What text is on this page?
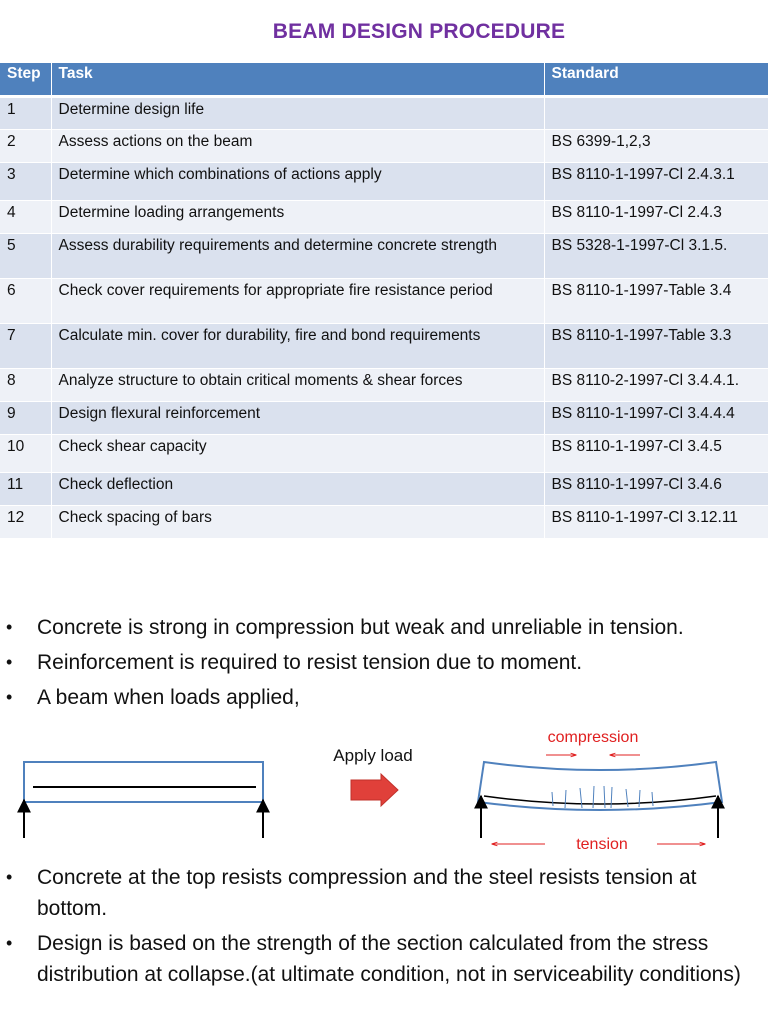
BEAM DESIGN PROCEDURE
Step	Task	Standard
1	Determine design life	
2	Assess actions on the beam	BS 6399-1,2,3
3	Determine which combinations of actions apply	BS 8110-1-1997-Cl 2.4.3.1
4	Determine loading arrangements	BS 8110-1-1997-Cl 2.4.3
5	Assess durability requirements and determine concrete strength	BS 5328-1-1997-Cl 3.1.5.
6	Check cover requirements for appropriate fire resistance period	BS 8110-1-1997-Table 3.4
7	Calculate min. cover for durability, fire and bond requirements	BS 8110-1-1997-Table 3.3
8	Analyze structure to obtain critical moments & shear forces	BS 8110-2-1997-Cl 3.4.4.1.
9	Design flexural reinforcement	BS 8110-1-1997-Cl 3.4.4.4
10	Check shear capacity	BS 8110-1-1997-Cl 3.4.5
11	Check deflection	BS 8110-1-1997-Cl 3.4.6
12	Check spacing of bars	BS 8110-1-1997-Cl 3.12.11
• Concrete is strong in compression but weak and unreliable in tension.
• Reinforcement is required to resist tension due to moment.
• A beam when loads applied,
Apply load
compression
tension
• Concrete at the top resists compression and the steel resists tension at bottom.
• Design is based on the strength of the section calculated from the stress distribution at collapse.(at ultimate condition, not in serviceability conditions)
